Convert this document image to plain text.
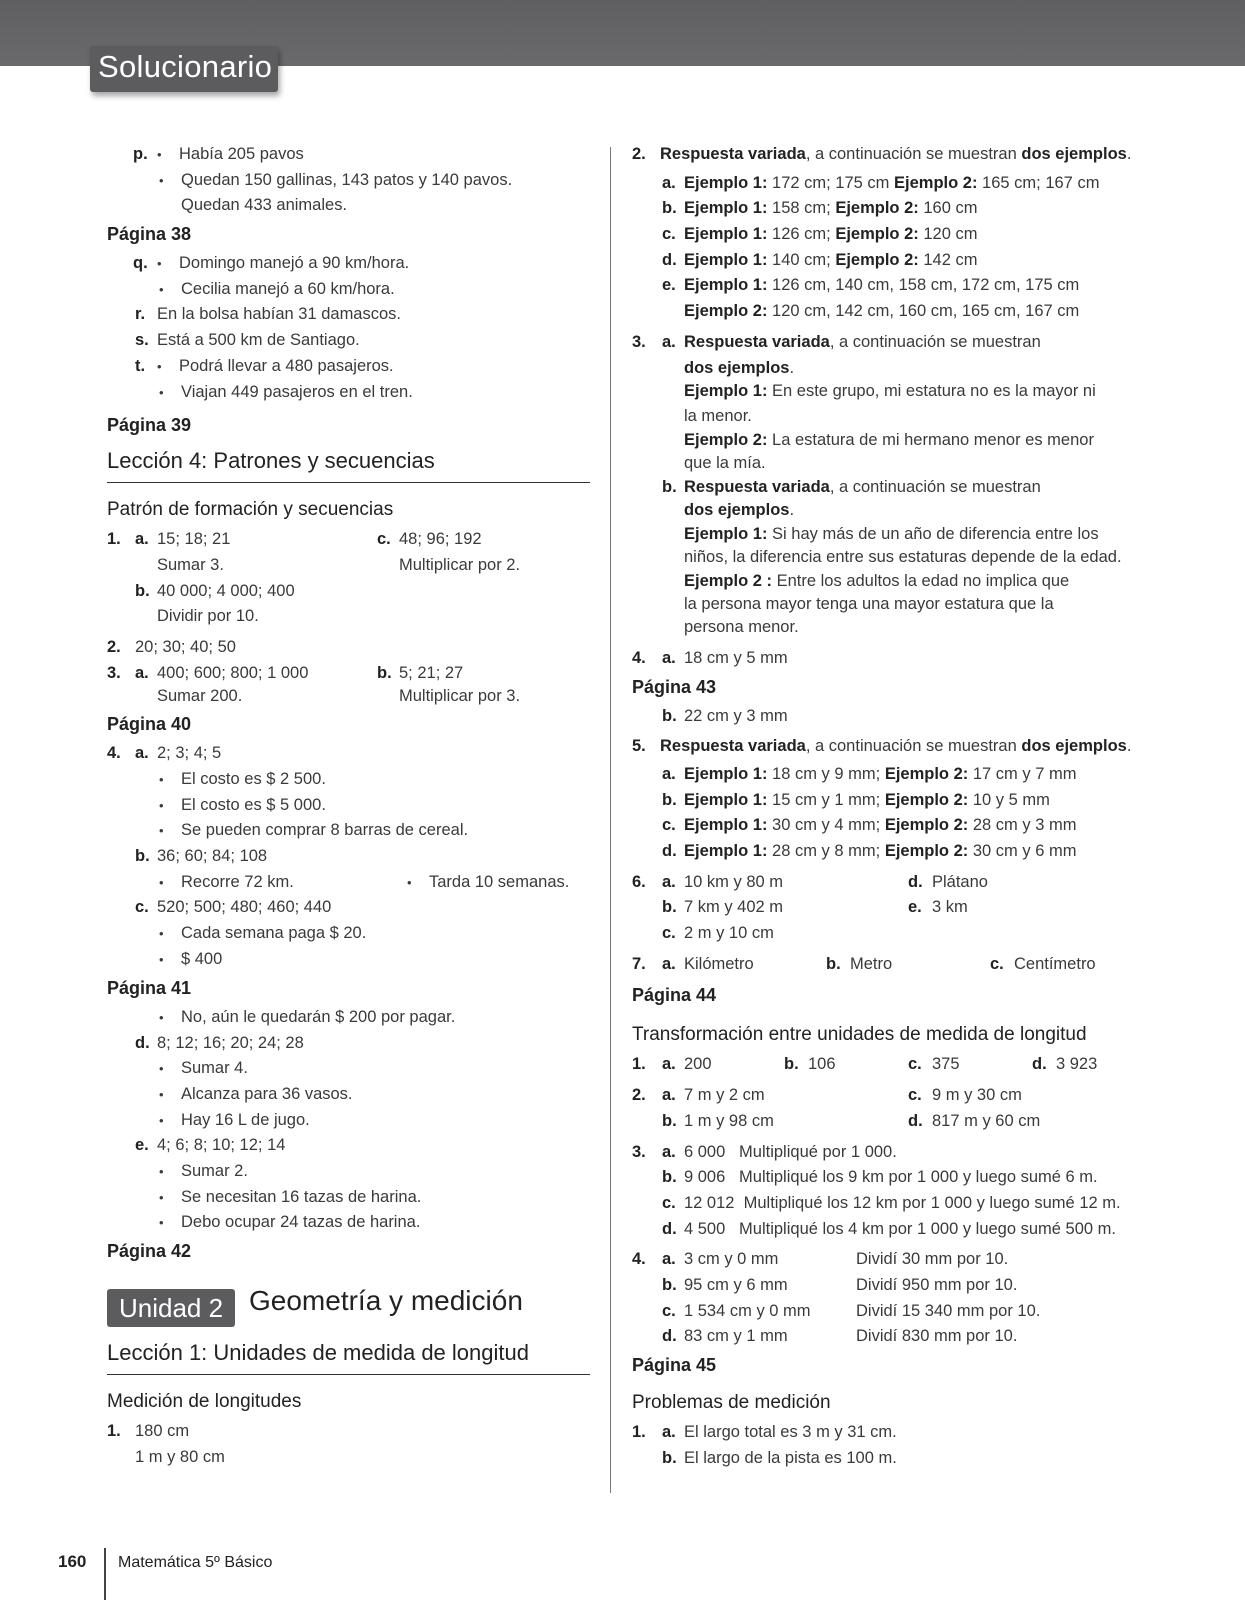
Solucionario
p. • Había 205 pavos
• Quedan 150 gallinas, 143 patos y 140 pavos.
Quedan 433 animales.
Página 38
q. • Domingo manejó a 90 km/hora.
• Cecilia manejó a 60 km/hora.
r. En la bolsa habían 31 damascos.
s. Está a 500 km de Santiago.
t. • Podrá llevar a 480 pasajeros.
• Viajan 449 pasajeros en el tren.
Página 39
Lección 4: Patrones y secuencias
Patrón de formación y secuencias
1. a. 15; 18; 21	c. 48; 96; 192
Sumar 3.	Multiplicar por 2.
b. 40 000; 4 000; 400
Dividir por 10.
2. 20; 30; 40; 50
3. a. 400; 600; 800; 1 000	b. 5; 21; 27
Sumar 200.	Multiplicar por 3.
Página 40
4. a. 2; 3; 4; 5
• El costo es $ 2 500.
• El costo es $ 5 000.
• Se pueden comprar 8 barras de cereal.
b. 36; 60; 84; 108
• Recorre 72 km.	• Tarda 10 semanas.
c. 520; 500; 480; 460; 440
• Cada semana paga $ 20.
• $ 400
Página 41
• No, aún le quedarán $ 200 por pagar.
d. 8; 12; 16; 20; 24; 28
• Sumar 4.
• Alcanza para 36 vasos.
• Hay 16 L de jugo.
e. 4; 6; 8; 10; 12; 14
• Sumar 2.
• Se necesitan 16 tazas de harina.
• Debo ocupar 24 tazas de harina.
Página 42
Unidad 2 Geometría y medición
Lección 1: Unidades de medida de longitud
Medición de longitudes
1. 180 cm
1 m y 80 cm
2. Respuesta variada, a continuación se muestran dos ejemplos.
a. Ejemplo 1: 172 cm; 175 cm Ejemplo 2: 165 cm; 167 cm
b. Ejemplo 1: 158 cm; Ejemplo 2: 160 cm
c. Ejemplo 1: 126 cm; Ejemplo 2: 120 cm
d. Ejemplo 1: 140 cm; Ejemplo 2: 142 cm
e. Ejemplo 1: 126 cm, 140 cm, 158 cm, 172 cm, 175 cm
Ejemplo 2: 120 cm, 142 cm, 160 cm, 165 cm, 167 cm
3. a. Respuesta variada, a continuación se muestran
dos ejemplos.
Ejemplo 1: En este grupo, mi estatura no es la mayor ni
la menor.
Ejemplo 2: La estatura de mi hermano menor es menor
que la mía.
b. Respuesta variada, a continuación se muestran
dos ejemplos.
Ejemplo 1: Si hay más de un año de diferencia entre los
niños, la diferencia entre sus estaturas depende de la edad.
Ejemplo 2 : Entre los adultos la edad no implica que
la persona mayor tenga una mayor estatura que la
persona menor.
4. a. 18 cm y 5 mm
Página 43
b. 22 cm y 3 mm
5. Respuesta variada, a continuación se muestran dos ejemplos.
a. Ejemplo 1: 18 cm y 9 mm; Ejemplo 2: 17 cm y 7 mm
b. Ejemplo 1: 15 cm y 1 mm; Ejemplo 2: 10 y 5 mm
c. Ejemplo 1: 30 cm y 4 mm; Ejemplo 2: 28 cm y 3 mm
d. Ejemplo 1: 28 cm y 8 mm; Ejemplo 2: 30 cm y 6 mm
6. a. 10 km y 80 m	d. Plátano
b. 7 km y 402 m	e. 3 km
c. 2 m y 10 cm
7. a. Kilómetro	b. Metro	c. Centímetro
Página 44
Transformación entre unidades de medida de longitud
1. a. 200	b. 106	c. 375	d. 3 923
2. a. 7 m y 2 cm	c. 9 m y 30 cm
b. 1 m y 98 cm	d. 817 m y 60 cm
3. a. 6 000   Multipliqué por 1 000.
b. 9 006   Multipliqué los 9 km por 1 000 y luego sumé 6 m.
c. 12 012  Multipliqué los 12 km por 1 000 y luego sumé 12 m.
d. 4 500   Multipliqué los 4 km por 1 000 y luego sumé 500 m.
4. a. 3 cm y 0 mm	Dividí 30 mm por 10.
b. 95 cm y 6 mm	Dividí 950 mm por 10.
c. 1 534 cm y 0 mm	Dividí 15 340 mm por 10.
d. 83 cm y 1 mm	Dividí 830 mm por 10.
Página 45
Problemas de medición
1. a. El largo total es 3 m y 31 cm.
b. El largo de la pista es 100 m.
160 Matemática 5º Básico
